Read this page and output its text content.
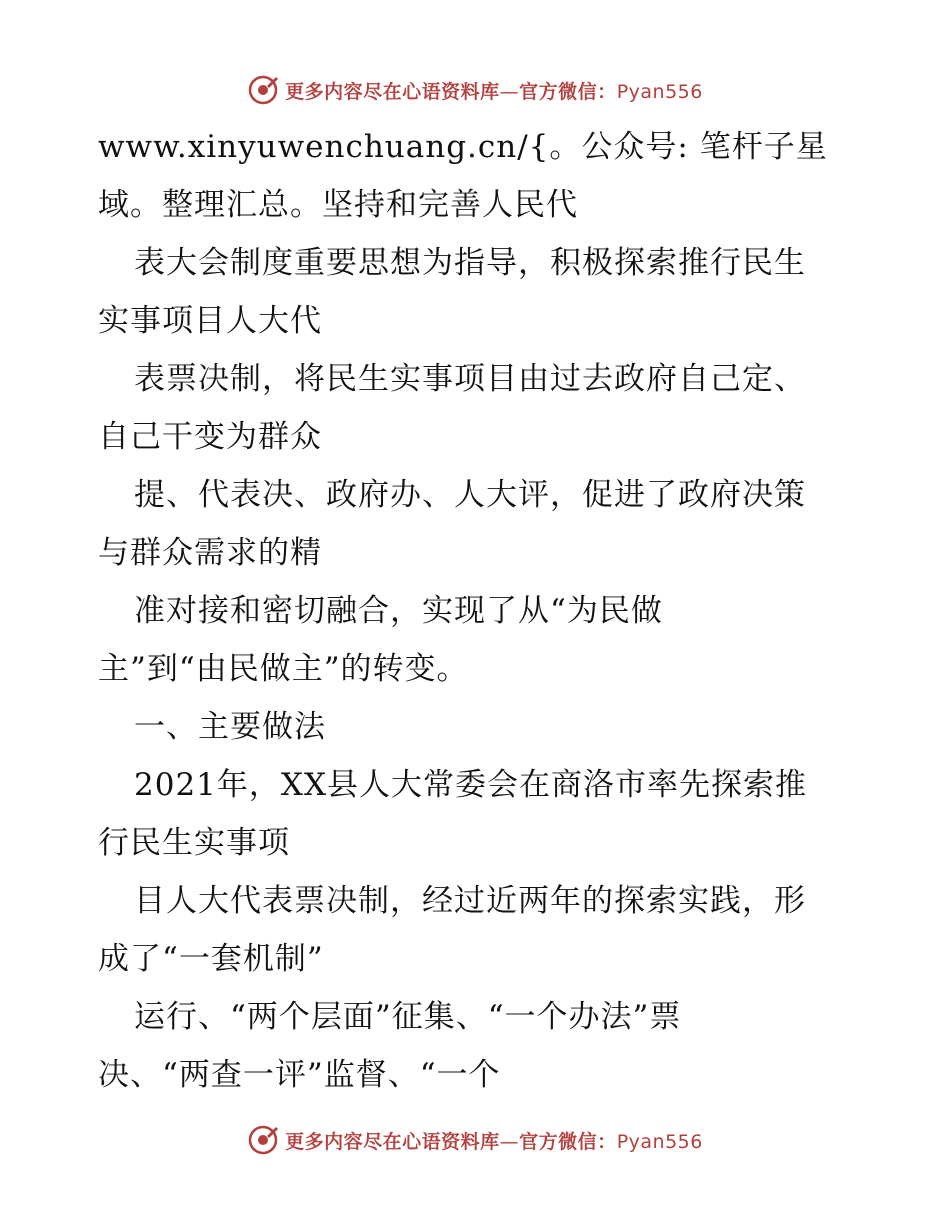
更多内容尽在心语资料库—官方微信：Pyan556
www.xinyuwenchuang.cn/{。公众号: 笔杆子星
域。整理汇总。坚持和完善人民代
表大会制度重要思想为指导，积极探索推行民生
实事项目人大代
表票决制，将民生实事项目由过去政府自己定、
自己干变为群众
提、代表决、政府办、人大评，促进了政府决策
与群众需求的精
准对接和密切融合，实现了从“为民做
主”到“由民做主”的转变。
一、主要做法
2021年，XX县人大常委会在商洛市率先探索推
行民生实事项
目人大代表票决制，经过近两年的探索实践，形
成了“一套机制”
运行、“两个层面”征集、“一个办法”票
决、“两查一评”监督、“一个
更多内容尽在心语资料库—官方微信：Pyan556
